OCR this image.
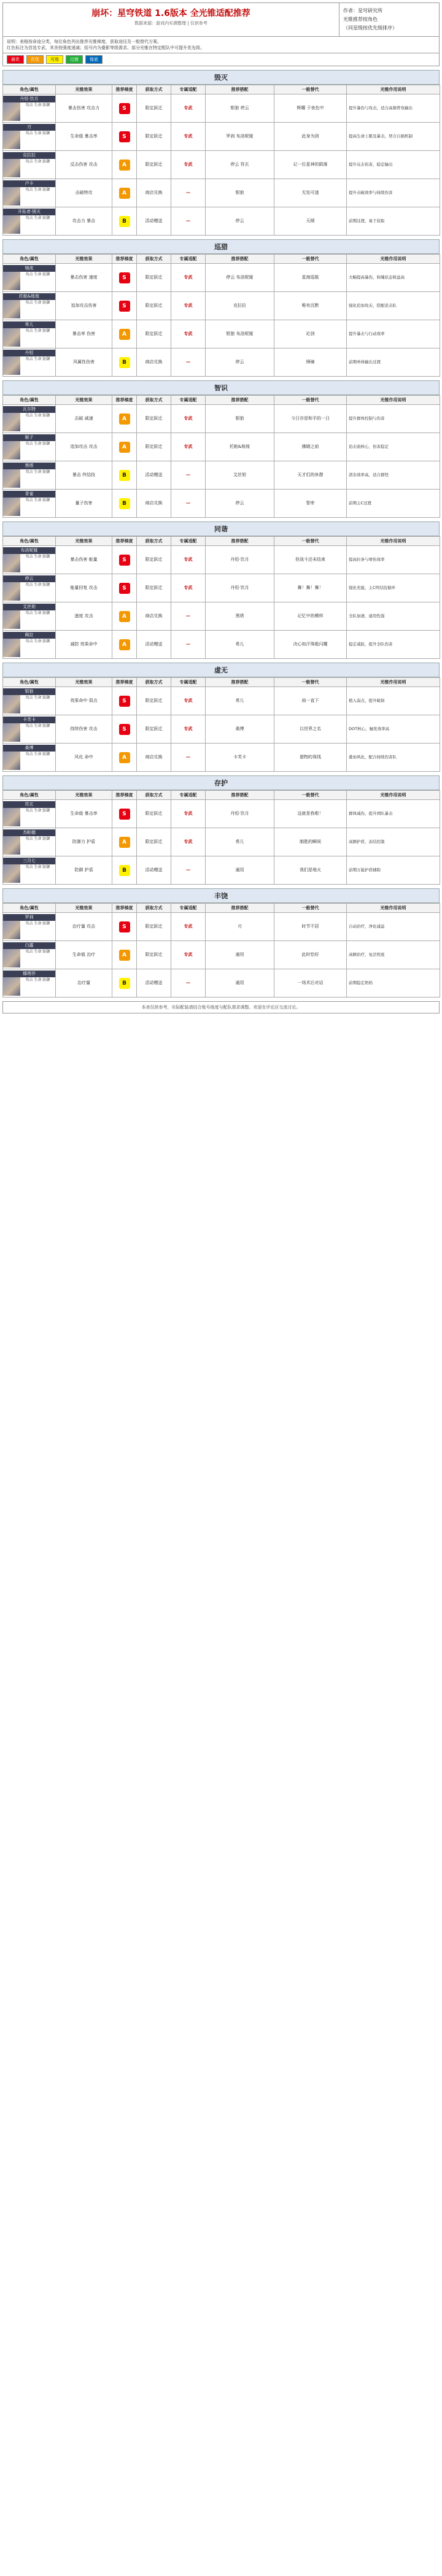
崩坏：星穹铁道 1.6版本 全光锥适配推荐
数据来源：游戏内实测整理 | 仅供参考
作者：星穹研究所
光锥推荐按角色
（同星级按优先级排序）
说明：表格按命途分类，每位角色列出推荐光锥梯度、获取途径及一般替代方案。
红色标注为首选专武，其余按强度递减；括号内为叠影等级需求。部分光锥在特定配队中可提升优先级。
最优	次优	可用	过渡	保底
毁灭
角色/属性	光锥效果	推荐梯度	获取方式	专属适配	推荐搭配	一般替代	光锥作用说明

丹恒·饮月
攻击 生命 防御	暴击伤害 攻击力	S	限定跃迁	专武	银狼 停云	辉耀 于夜色中	提升暴伤与攻击，适合高频普攻输出

刃
攻击 生命 防御	生命值 暴击率	S	限定跃迁	专武	罗刹 布洛妮娅	此身为剑	提高生命上限及暴击，契合自损机制

克拉拉
攻击 生命 防御	反击伤害 攻击	A	限定跃迁	专武	停云 符玄	记一位星神的陨落	提升反击伤害，稳定输出

卢卡
攻击 生命 防御	击破特攻	A	商店兑换	—	银狼	无处可逃	提升击破效率与持续伤害

开拓者·毁灭
攻击 生命 防御	攻击力 暴击	B	活动赠送	—	停云	天倾	前期过渡，易于获取
巡猎
角色/属性	光锥效果	推荐梯度	获取方式	专属适配	推荐搭配	一般替代	光锥作用说明

镜流
攻击 生命 防御	暴击伤害 速度	S	限定跃迁	专武	停云 布洛妮娅	星海巡航	大幅提高暴伤，转魄状态收益高

托帕&账账
攻击 生命 防御	追加攻击伤害	S	限定跃迁	专武	克拉拉	唯有沉默	强化追加攻击，搭配追击队

希儿
攻击 生命 防御	暴击率 伤害	A	限定跃迁	专武	银狼 布洛妮娅	论剑	提升暴击与行动效率

丹恒
攻击 生命 防御	风属性伤害	B	商店兑换	—	停云	锋镝	前期单体输出过渡
智识
角色/属性	光锥效果	推荐梯度	获取方式	专属适配	推荐搭配	一般替代	光锥作用说明

瓦尔特
攻击 生命 防御	击破 减速	A	限定跃迁	专武	银狼	今日亦是和平的一日	提升群体控制与伤害

姬子
攻击 生命 防御	追加攻击 攻击	A	限定跃迁	专武	托帕&账账	拂晓之前	追击流核心，伤害稳定

黑塔
攻击 生命 防御	暴击 终结技	B	活动赠送	—	艾丝妲	天才们的休憩	清杂效率高，适合群怪

青雀
攻击 生命 防御	量子伤害	B	商店兑换	—	停云	智库	前期主C过渡
同谐
角色/属性	光锥效果	推荐梯度	获取方式	专属适配	推荐搭配	一般替代	光锥作用说明

布洛妮娅
攻击 生命 防御	暴击伤害 能量	S	限定跃迁	专武	丹恒·饮月	但战斗还未结束	提高拉条与增伤效率

停云
攻击 生命 防御	能量回复 攻击	S	限定跃迁	专武	丹恒·饮月	舞！舞！舞！	强化充能，主C终结技循环

艾丝妲
攻击 生命 防御	速度 攻击	A	商店兑换	—	黑塔	记忆中的模样	全队加速，通用性强

佩拉
攻击 生命 防御	减防 效果命中	A	活动赠送	—	希儿	决心如汗珠般闪耀	稳定减防，提升全队伤害
虚无
角色/属性	光锥效果	推荐梯度	获取方式	专属适配	推荐搭配	一般替代	光锥作用说明

银狼
攻击 生命 防御	效果命中 弱点	S	限定跃迁	专武	希儿	雨一直下	植入弱点，提升破韧

卡芙卡
攻击 生命 防御	持续伤害 攻击	S	限定跃迁	专武	桑博	以世界之名	DOT核心，触发效率高

桑博
攻击 生命 防御	风化 命中	A	商店兑换	—	卡芙卡	猎物的视线	叠加风化，配合持续伤害队
存护
角色/属性	光锥效果	推荐梯度	获取方式	专属适配	推荐搭配	一般替代	光锥作用说明

符玄
攻击 生命 防御	生命值 暴击率	S	限定跃迁	专武	丹恒·饮月	这就是我啦！	群体减伤，提升团队暴击

杰帕德
攻击 生命 防御	防御力 护盾	A	限定跃迁	专武	希儿	制胜的瞬间	高额护盾，冻结控制

三月七
攻击 生命 防御	防御 护盾	B	活动赠送	—	通用	我们是地火	前期万能护盾辅助
丰饶
角色/属性	光锥效果	推荐梯度	获取方式	专属适配	推荐搭配	一般替代	光锥作用说明

罗刹
攻击 生命 防御	治疗量 攻击	S	限定跃迁	专武	刃	时节不居	自动治疗，净化减益

白露
攻击 生命 防御	生命值 治疗	A	限定跃迁	专武	通用	此时恰好	高额治疗，复活兜底

娜塔莎
攻击 生命 防御	治疗量	B	活动赠送	—	通用	一场术后对话	前期稳定奶妈
本表仅供参考，实际配装请结合账号练度与配队需求调整。欢迎在评论区交流讨论。
